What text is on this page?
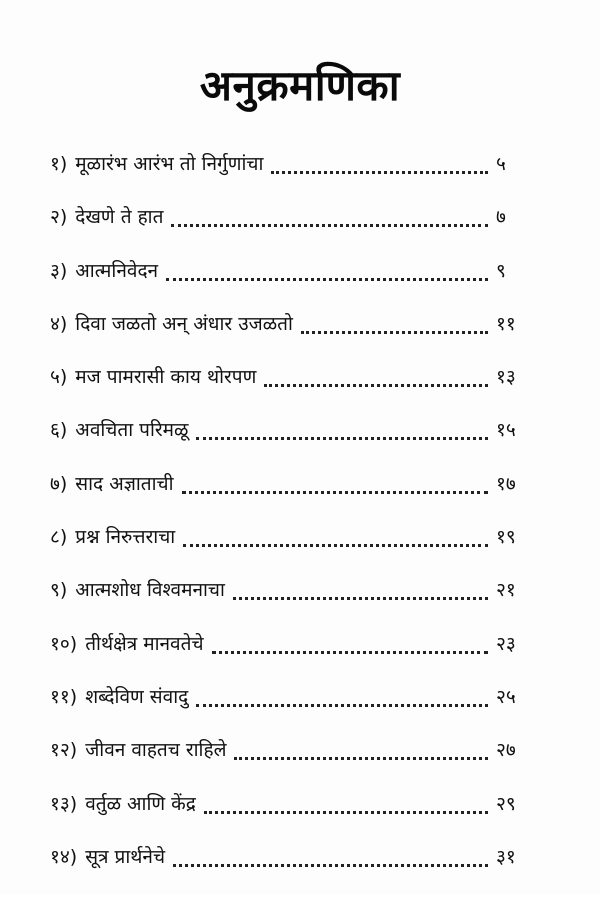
अनुक्रमणिका
१) मूळारंभ आरंभ तो निर्गुणांचा	५
२) देखणे ते हात	७
३) आत्मनिवेदन	९
४) दिवा जळतो अन् अंधार उजळतो	११
५) मज पामरासी काय थोरपण	१३
६) अवचिता परिमळू	१५
७) साद अज्ञाताची	१७
८) प्रश्न निरुत्तराचा	१९
९) आत्मशोध विश्वमनाचा	२१
१०) तीर्थक्षेत्र मानवतेचे	२३
११) शब्देविण संवादु	२५
१२) जीवन वाहतच राहिले	२७
१३) वर्तुळ आणि केंद्र	२९
१४) सूत्र प्रार्थनेचे	३१
